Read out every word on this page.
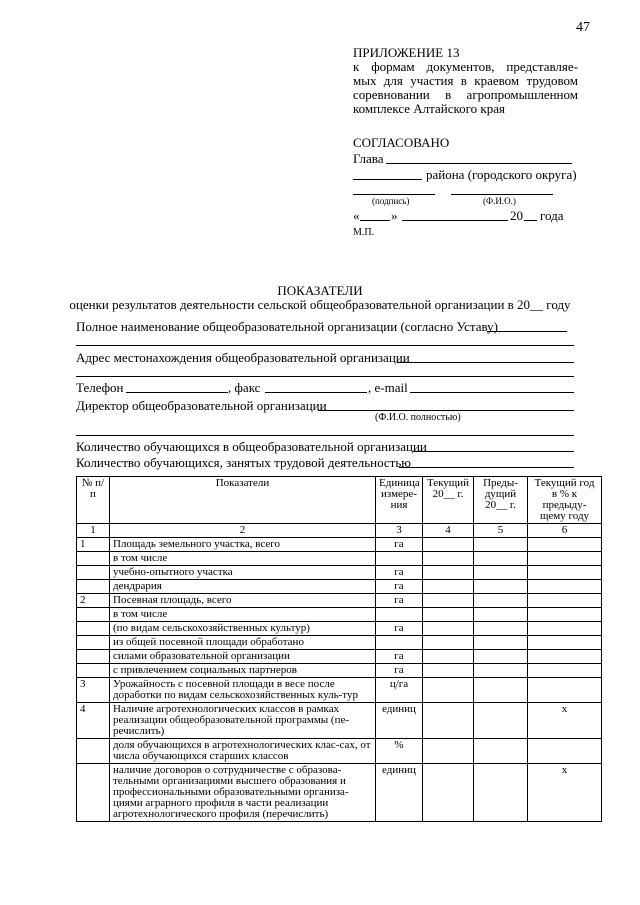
47
ПРИЛОЖЕНИЕ 13
к формам документов, представляе-
мых для участия в краевом трудовом
соревновании в агропромышленном
комплексе Алтайского края
СОГЛАСОВАНО
Глава
района (городского округа)
(подпись)	(Ф.И.О.)
« »	20 года
М.П.
ПОКАЗАТЕЛИ
оценки результатов деятельности сельской общеобразовательной организации в 20__ году
Полное наименование общеобразовательной организации (согласно Уставу)
Адрес местонахождения общеобразовательной организации
Телефон	, факс	, e-mail
Директор общеобразовательной организации
(Ф.И.О. полностью)
Количество обучающихся в общеобразовательной организации
Количество обучающихся, занятых трудовой деятельностью
№ п/п	Показатели	Единица измере-ния	Текущий 20__ г.	Преды-дущий 20__ г.	Текущий год в % к предыду-щему году
1	2	3	4	5	6
1	Площадь земельного участка, всего	га			
	в том числе				
	учебно-опытного участка	га			
	дендрария	га			
2	Посевная площадь, всего	га			
	в том числе				
	(по видам сельскохозяйственных культур)	га			
	из общей посевной площади обработано				
	силами образовательной организации	га			
	с привлечением социальных партнеров	га			
3	Урожайность с посевной площади в весе после доработки по видам сельскохозяйственных куль-тур	ц/га			
4	Наличие агротехнологических классов в рамках реализации общеобразовательной программы (пе-речислить)	единиц			х
	доля обучающихся в агротехнологических клас-сах, от числа обучающихся старших классов	%			
	наличие договоров о сотрудничестве с образова-тельными организациями высшего образования и профессиональными образовательными организа-циями аграрного профиля в части реализации агротехнологического профиля (перечислить)	единиц			х
